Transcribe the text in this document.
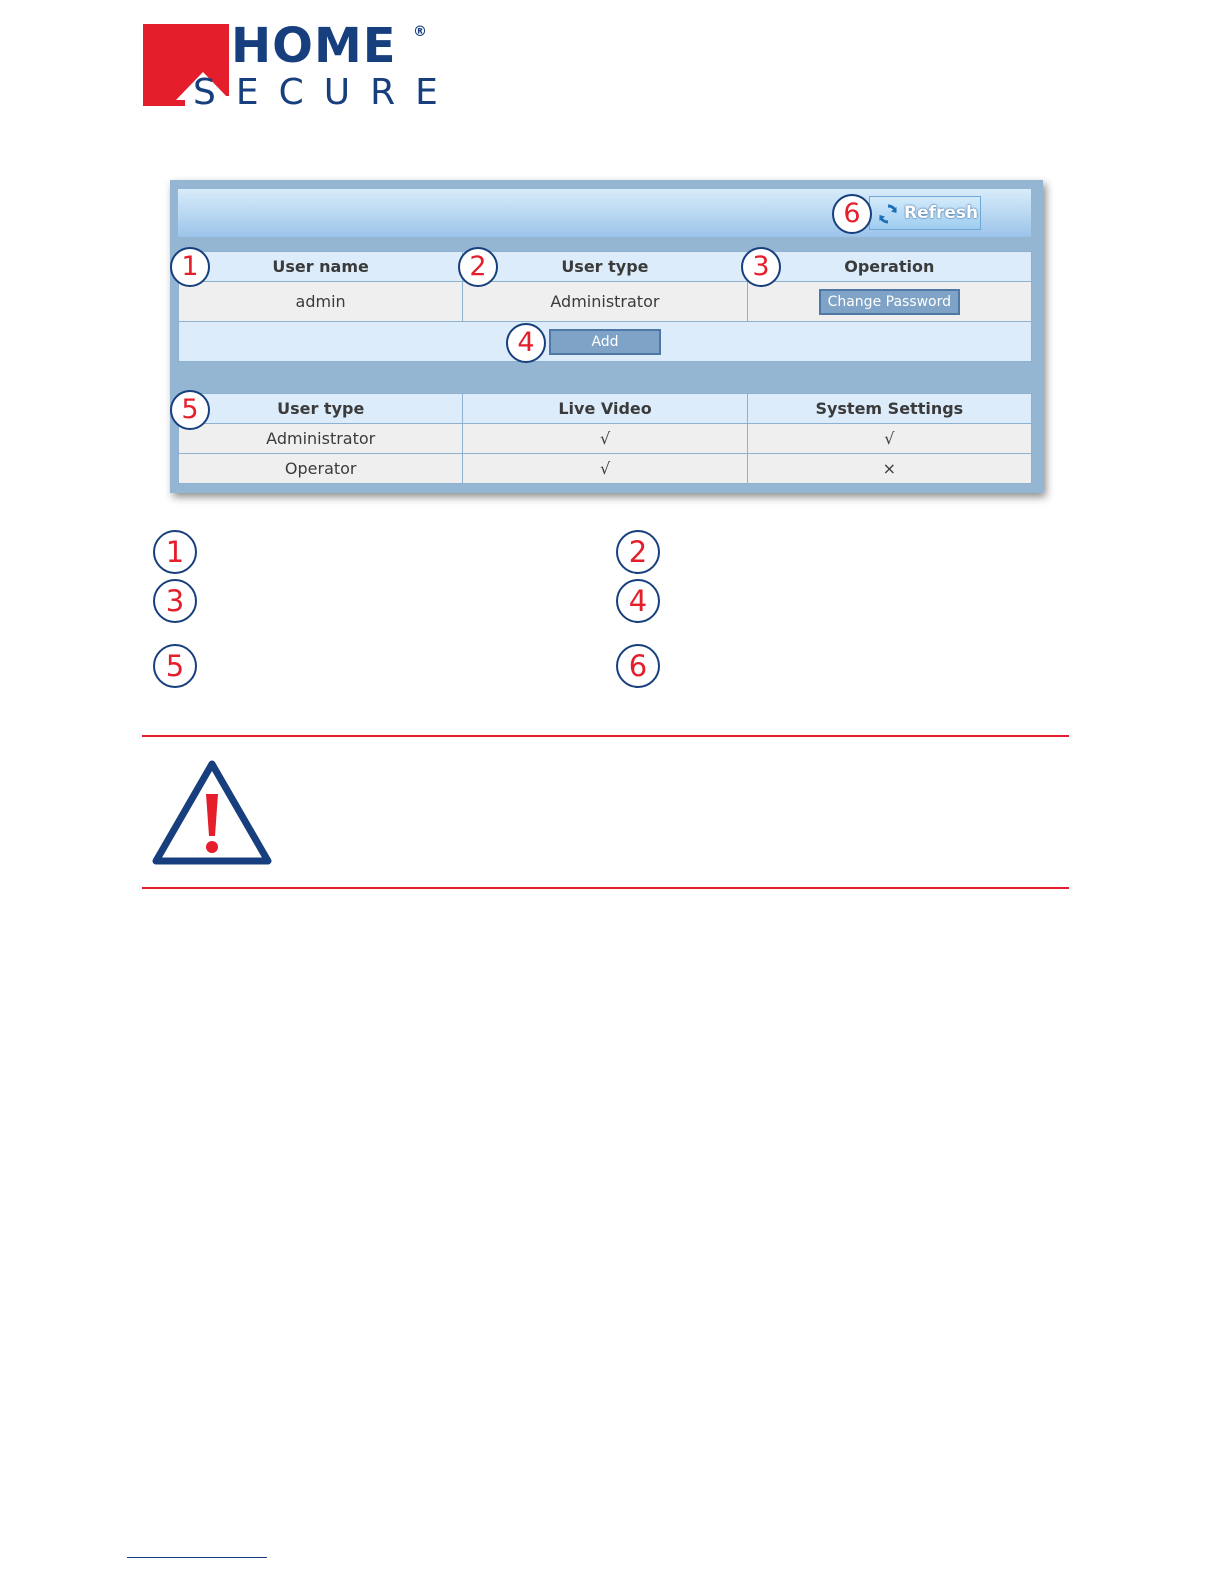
HOME ®
SECURE
Refresh
User name	User type	Operation
admin	Administrator	Change Password
Add		
User type	Live Video	System Settings
Administrator	√	√
Operator	√	×
1	2	3
4
5
6
1	2
3	4
5	6
